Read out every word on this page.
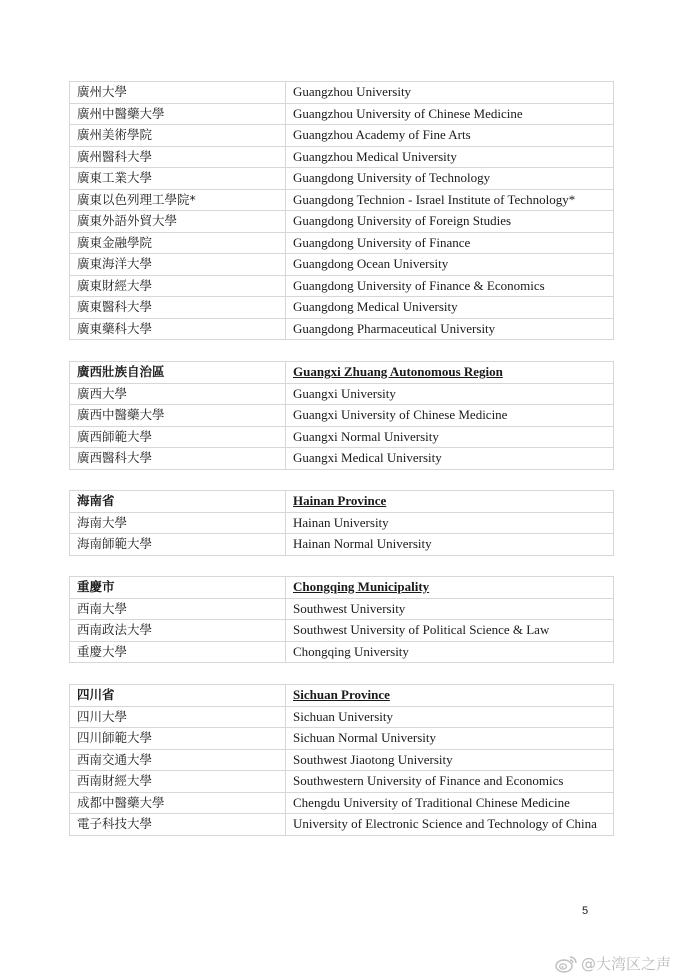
廣州大學	Guangzhou University
廣州中醫藥大學	Guangzhou University of Chinese Medicine
廣州美術學院	Guangzhou Academy of Fine Arts
廣州醫科大學	Guangzhou Medical University
廣東工業大學	Guangdong University of Technology
廣東以色列理工學院*	Guangdong Technion - Israel Institute of Technology*
廣東外語外貿大學	Guangdong University of Foreign Studies
廣東金融學院	Guangdong University of Finance
廣東海洋大學	Guangdong Ocean University
廣東財經大學	Guangdong University of Finance & Economics
廣東醫科大學	Guangdong Medical University
廣東藥科大學	Guangdong Pharmaceutical University
廣西壯族自治區	Guangxi Zhuang Autonomous Region
廣西大學	Guangxi University
廣西中醫藥大學	Guangxi University of Chinese Medicine
廣西師範大學	Guangxi Normal University
廣西醫科大學	Guangxi Medical University
海南省	Hainan Province
海南大學	Hainan University
海南師範大學	Hainan Normal University
重慶市	Chongqing Municipality
西南大學	Southwest University
西南政法大學	Southwest University of Political Science & Law
重慶大學	Chongqing University
四川省	Sichuan Province
四川大學	Sichuan University
四川師範大學	Sichuan Normal University
西南交通大學	Southwest Jiaotong University
西南財經大學	Southwestern University of Finance and Economics
成都中醫藥大學	Chengdu University of Traditional Chinese Medicine
電子科技大學	University of Electronic Science and Technology of China
5
@大湾区之声
